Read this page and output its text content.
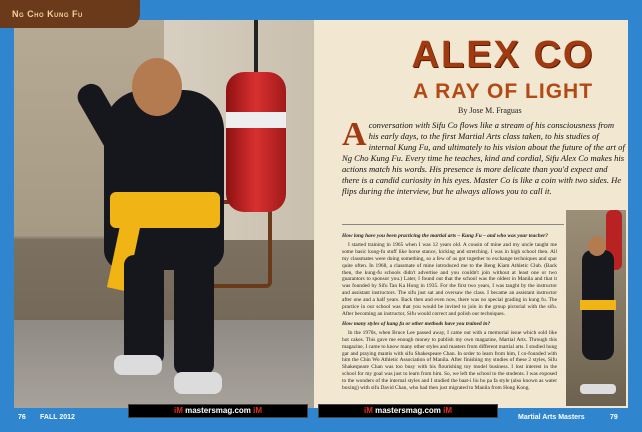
ALEX CO
A RAY OF LIGHT
By Jose M. Fraguas
A conversation with Sifu Co flows like a stream of his consciousness from his early days, to the first Martial Arts class taken, to his studies of internal Kung Fu, and ultimately to his vision about the future of the art of Ng Cho Kung Fu. Every time he teaches, kind and cordial, Sifu Alex Co makes his actions match his words. His presence is more delicate than you'd expect and there is a candid curiosity in his eyes. Master Co is like a coin with two sides. He flips during the interview, but he always allows you to call it.
How long have you been practicing the martial arts – Kung Fu – and who was your teacher?
I started training in 1965 when I was 12 years old. A cousin of mine and my uncle taught me some basic kung-fu stuff like horse stance, kicking and stretching. I was in high school then. All my classmates were doing something, so a few of us got together to exchange techniques and spar quite often. In 1968, a classmate of mine introduced me to the Beng Kiam Athletic Club. (Back then, the kung-fu schools didn't advertise and you couldn't join without at least one or two guarantors to sponsor you.) Later, I found out that the school was the oldest in Manila and that it was founded by Sifu Tan Ka Hong in 1935. For the first two years, I was taught by the instructor and assistant instructors. The sifu just sat and oversaw the class. I became an assistant instructor after one and a half years. Back then and even now, there was no special grading in kung fu. The practice in our school was that you would be invited to join in the group pictorial with the sifu. After becoming an instructor, Sifu would correct and polish our techniques.
How many styles of kung fu or other methods have you trained in?
In the 1970s, when Bruce Lee passed away, I came out with a memorial issue which sold like hot cakes. This gave me enough money to publish my own magazine, Martial Arts. Through this magazine, I came to know many other styles and masters from different martial arts. I studied hung gar and praying mantis with sifu Shakespeare Chan. In order to learn from him, I co-founded with him the Chin Wo Athletic Association of Manila. After finishing my studies of these 2 styles, Sifu Shakespeare Chan was too busy with his flourishing toy model business. I lost interest in the school for my goal was just to learn from him. So, we left the school to the students. I was exposed to the wonders of the internal styles and I studied the baat-i liu ho pa fa style (also known as water boxing) with sifu David Chan, who had then just migrated to Manila from Hong Kong.
Ng Cho Kung Fu
76 FALL 2012	Martial Arts Masters	79
iM mastersmag.com iM	iM mastersmag.com iM
